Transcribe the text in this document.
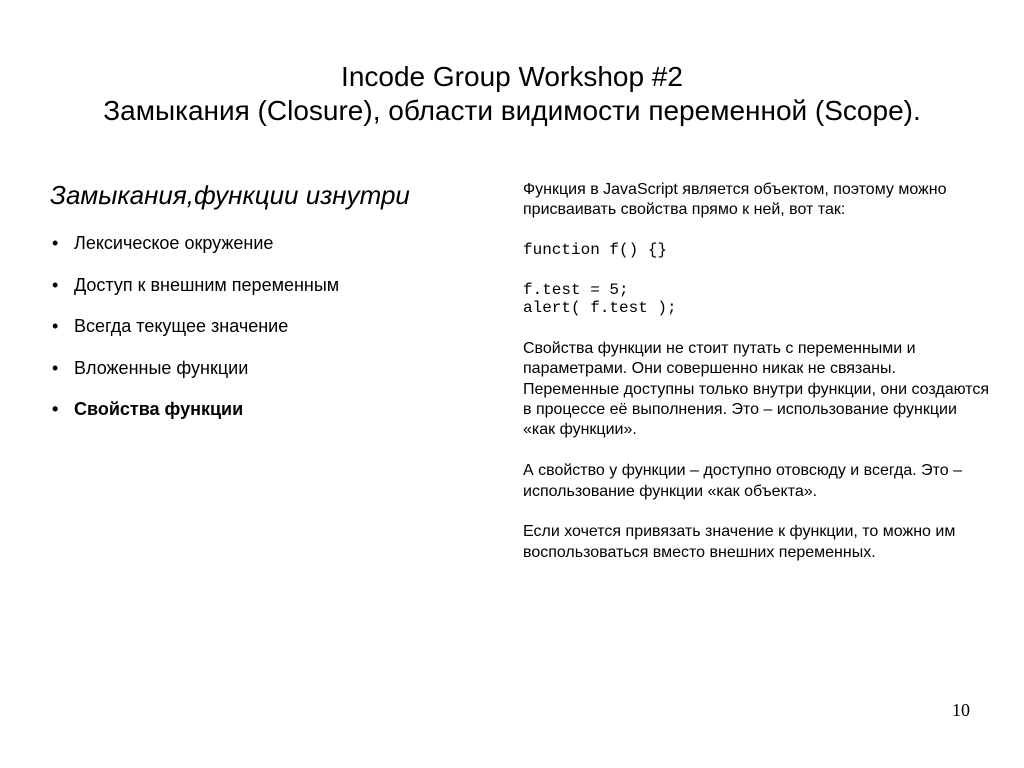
Incode Group Workshop #2
Замыкания (Closure), области видимости переменной (Scope).
Замыкания,функции изнутри
• Лексическое окружение
• Доступ к внешним переменным
• Всегда текущее значение
• Вложенные функции
• Свойства функции

Функция в JavaScript является объектом, поэтому можно присваивать свойства прямо к ней, вот так:

function f() {}
f.test = 5;
alert( f.test );

Свойства функции не стоит путать с переменными и параметрами. Они совершенно никак не связаны. Переменные доступны только внутри функции, они создаются в процессе её выполнения. Это – использование функции «как функции».

А свойство у функции – доступно отовсюду и всегда. Это – использование функции «как объекта».

Если хочется привязать значение к функции, то можно им воспользоваться вместо внешних переменных.

10
